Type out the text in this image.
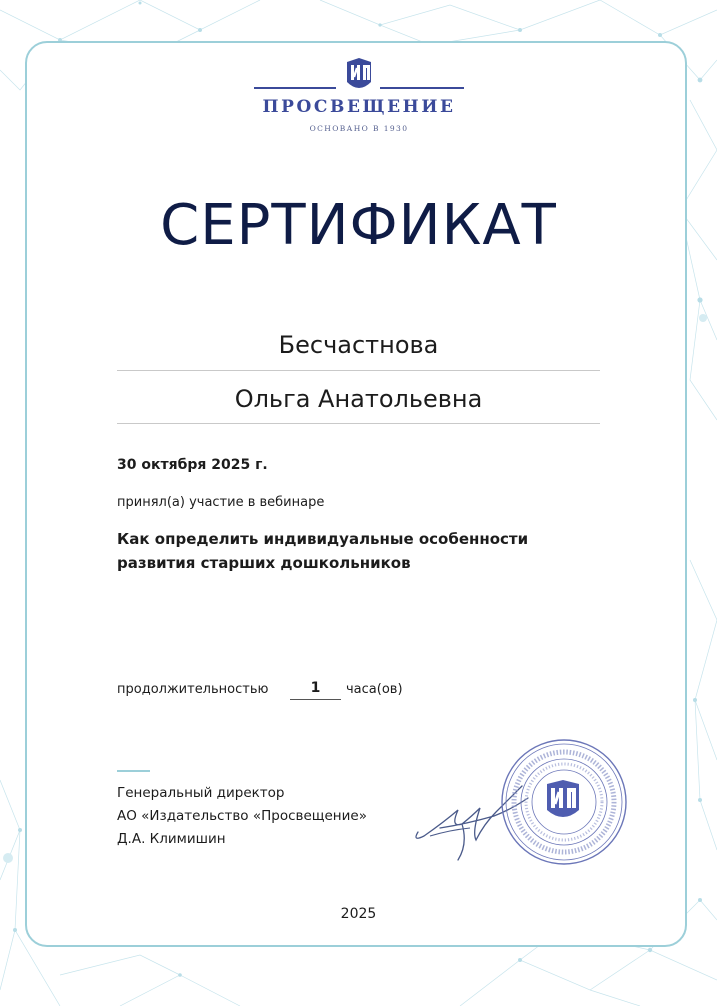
ПРОСВЕЩЕНИЕ
ОСНОВАНО В 1930
СЕРТИФИКАТ
Бесчастнова
Ольга Анатольевна
30 октября 2025 г.
принял(а) участие в вебинаре
Как определить индивидуальные особенности
развития старших дошкольников
продолжительностью	1	часа(ов)
Генеральный директор
АО «Издательство «Просвещение»
Д.А. Климишин
2025
